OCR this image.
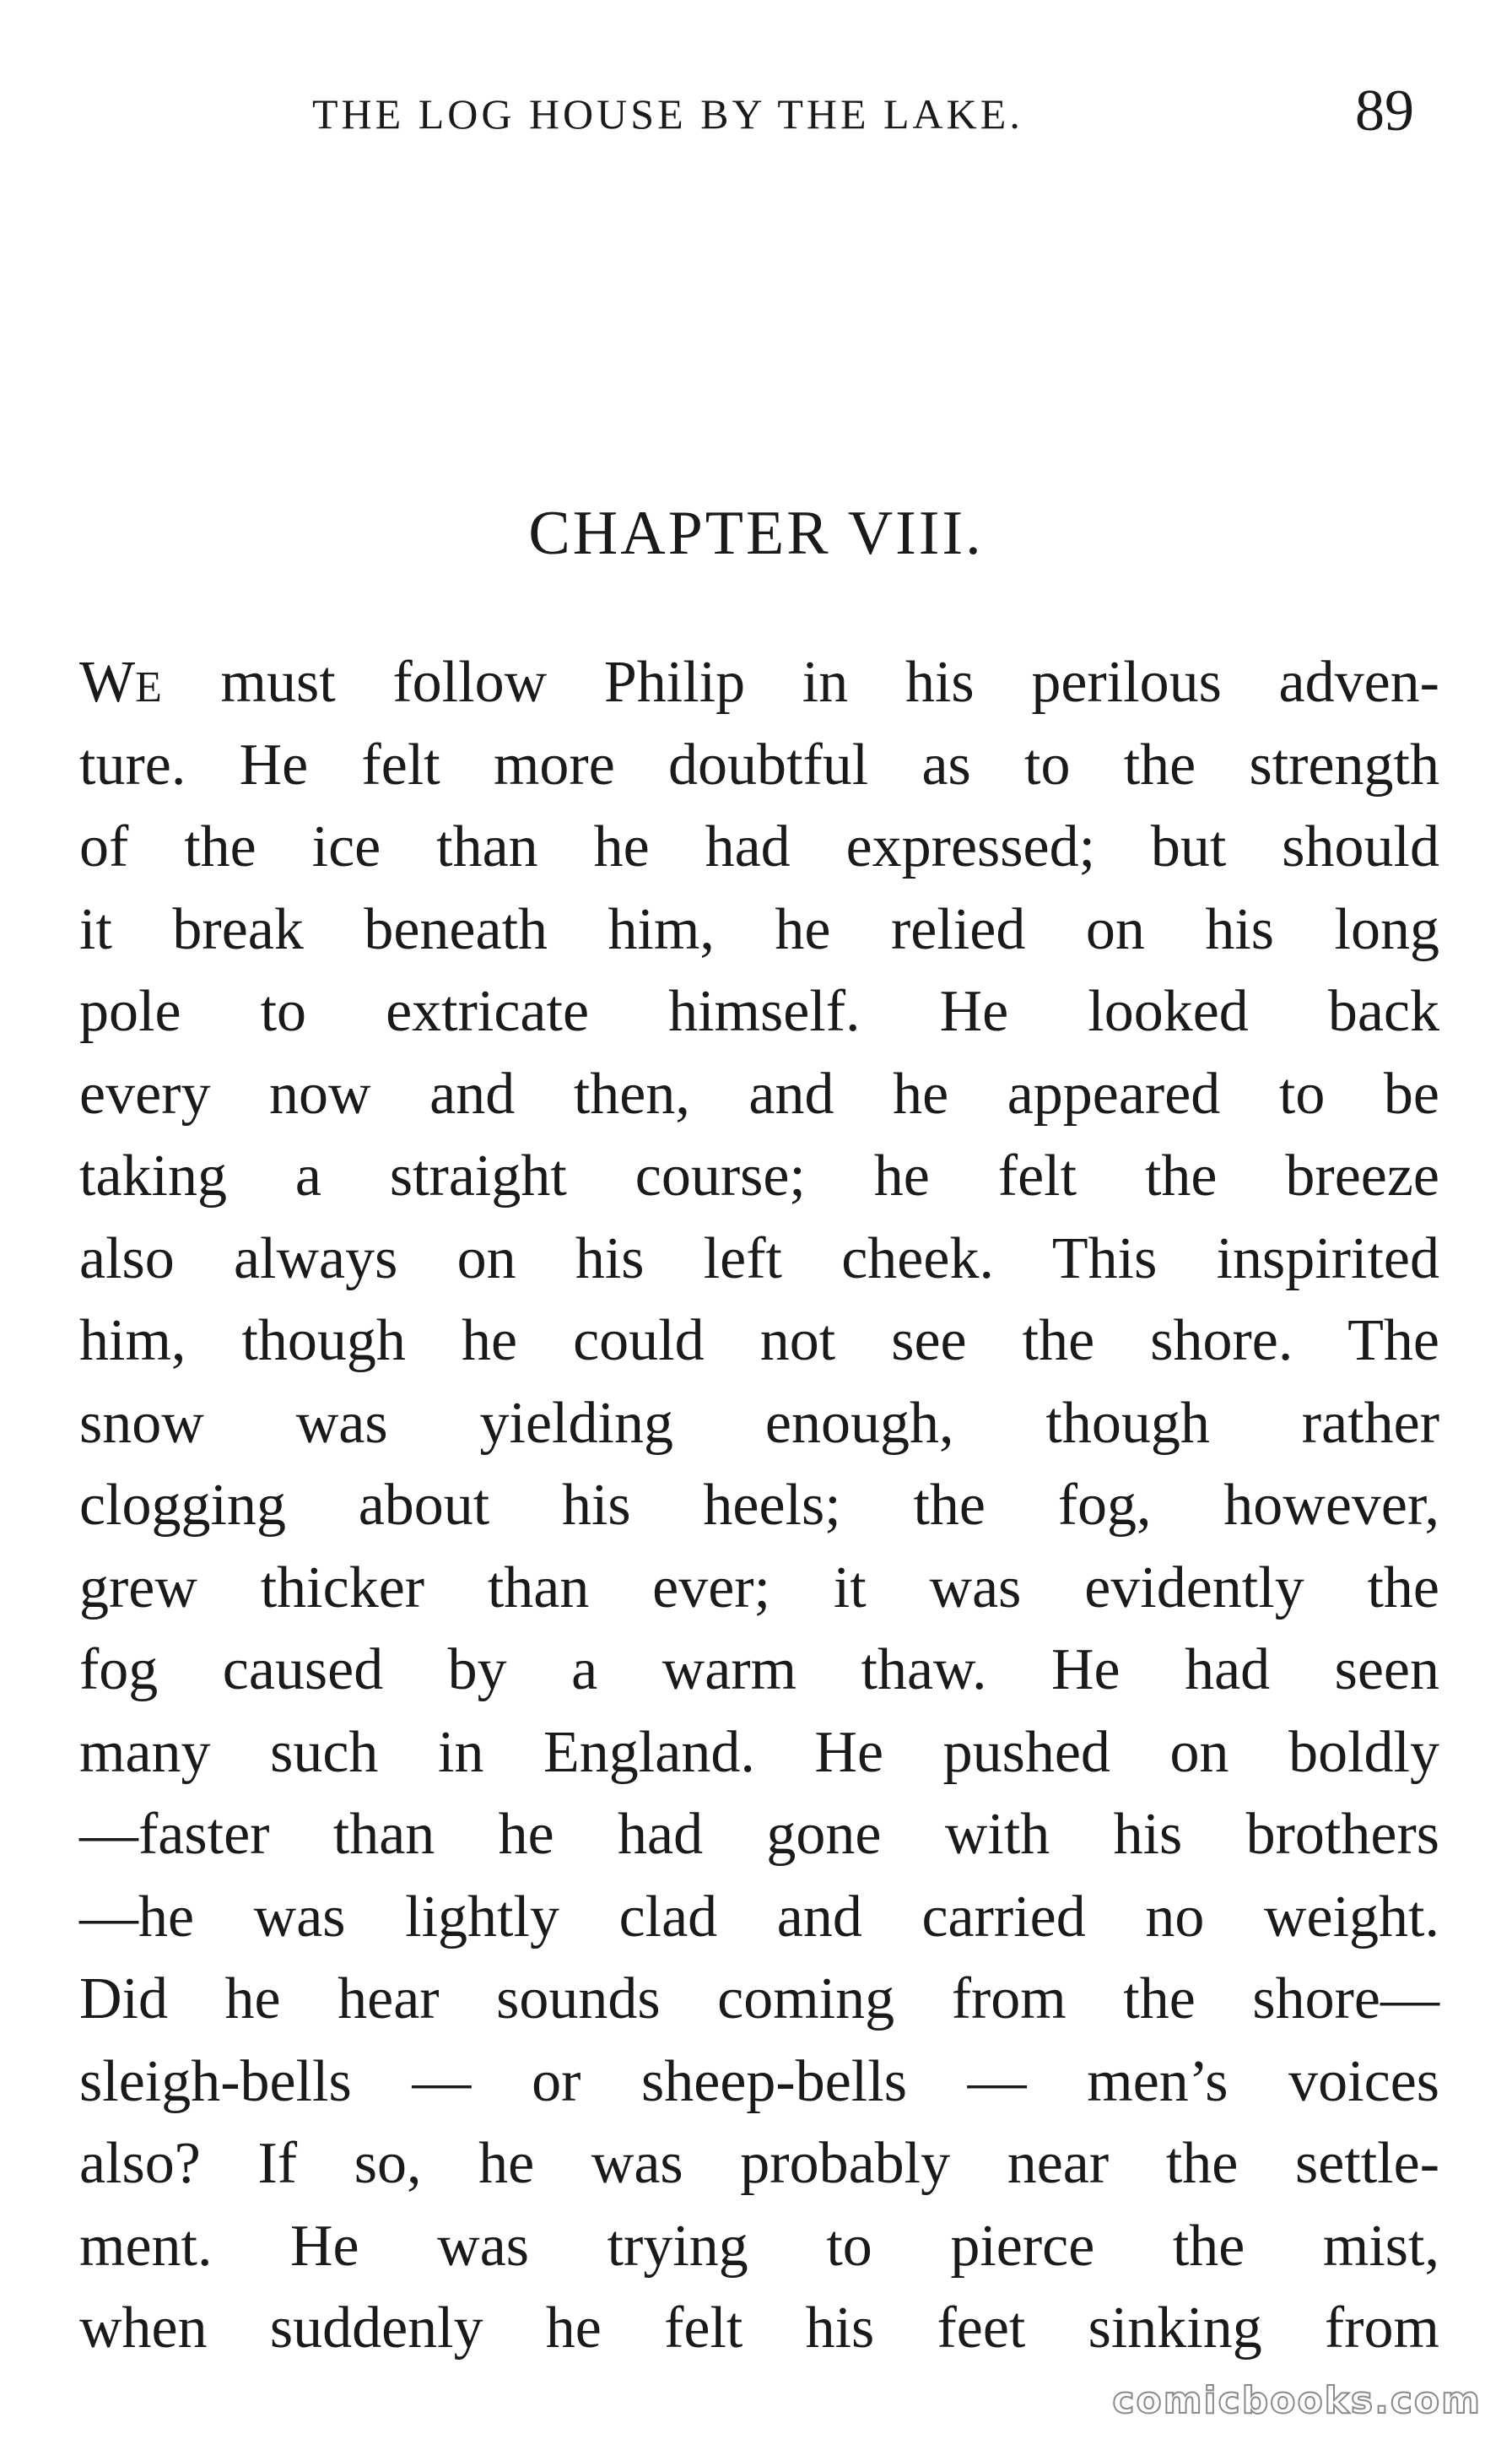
THE LOG HOUSE BY THE LAKE.	89
CHAPTER VIII.
WE must follow Philip in his perilous adven-
ture. He felt more doubtful as to the strength
of the ice than he had expressed; but should
it break beneath him, he relied on his long
pole to extricate himself. He looked back
every now and then, and he appeared to be
taking a straight course; he felt the breeze
also always on his left cheek. This inspirited
him, though he could not see the shore. The
snow was yielding enough, though rather
clogging about his heels; the fog, however,
grew thicker than ever; it was evidently the
fog caused by a warm thaw. He had seen
many such in England. He pushed on boldly
—faster than he had gone with his brothers
—he was lightly clad and carried no weight.
Did he hear sounds coming from the shore—
sleigh-bells — or sheep-bells — men’s voices
also? If so, he was probably near the settle-
ment. He was trying to pierce the mist,
when suddenly he felt his feet sinking from
comicbooks.com
